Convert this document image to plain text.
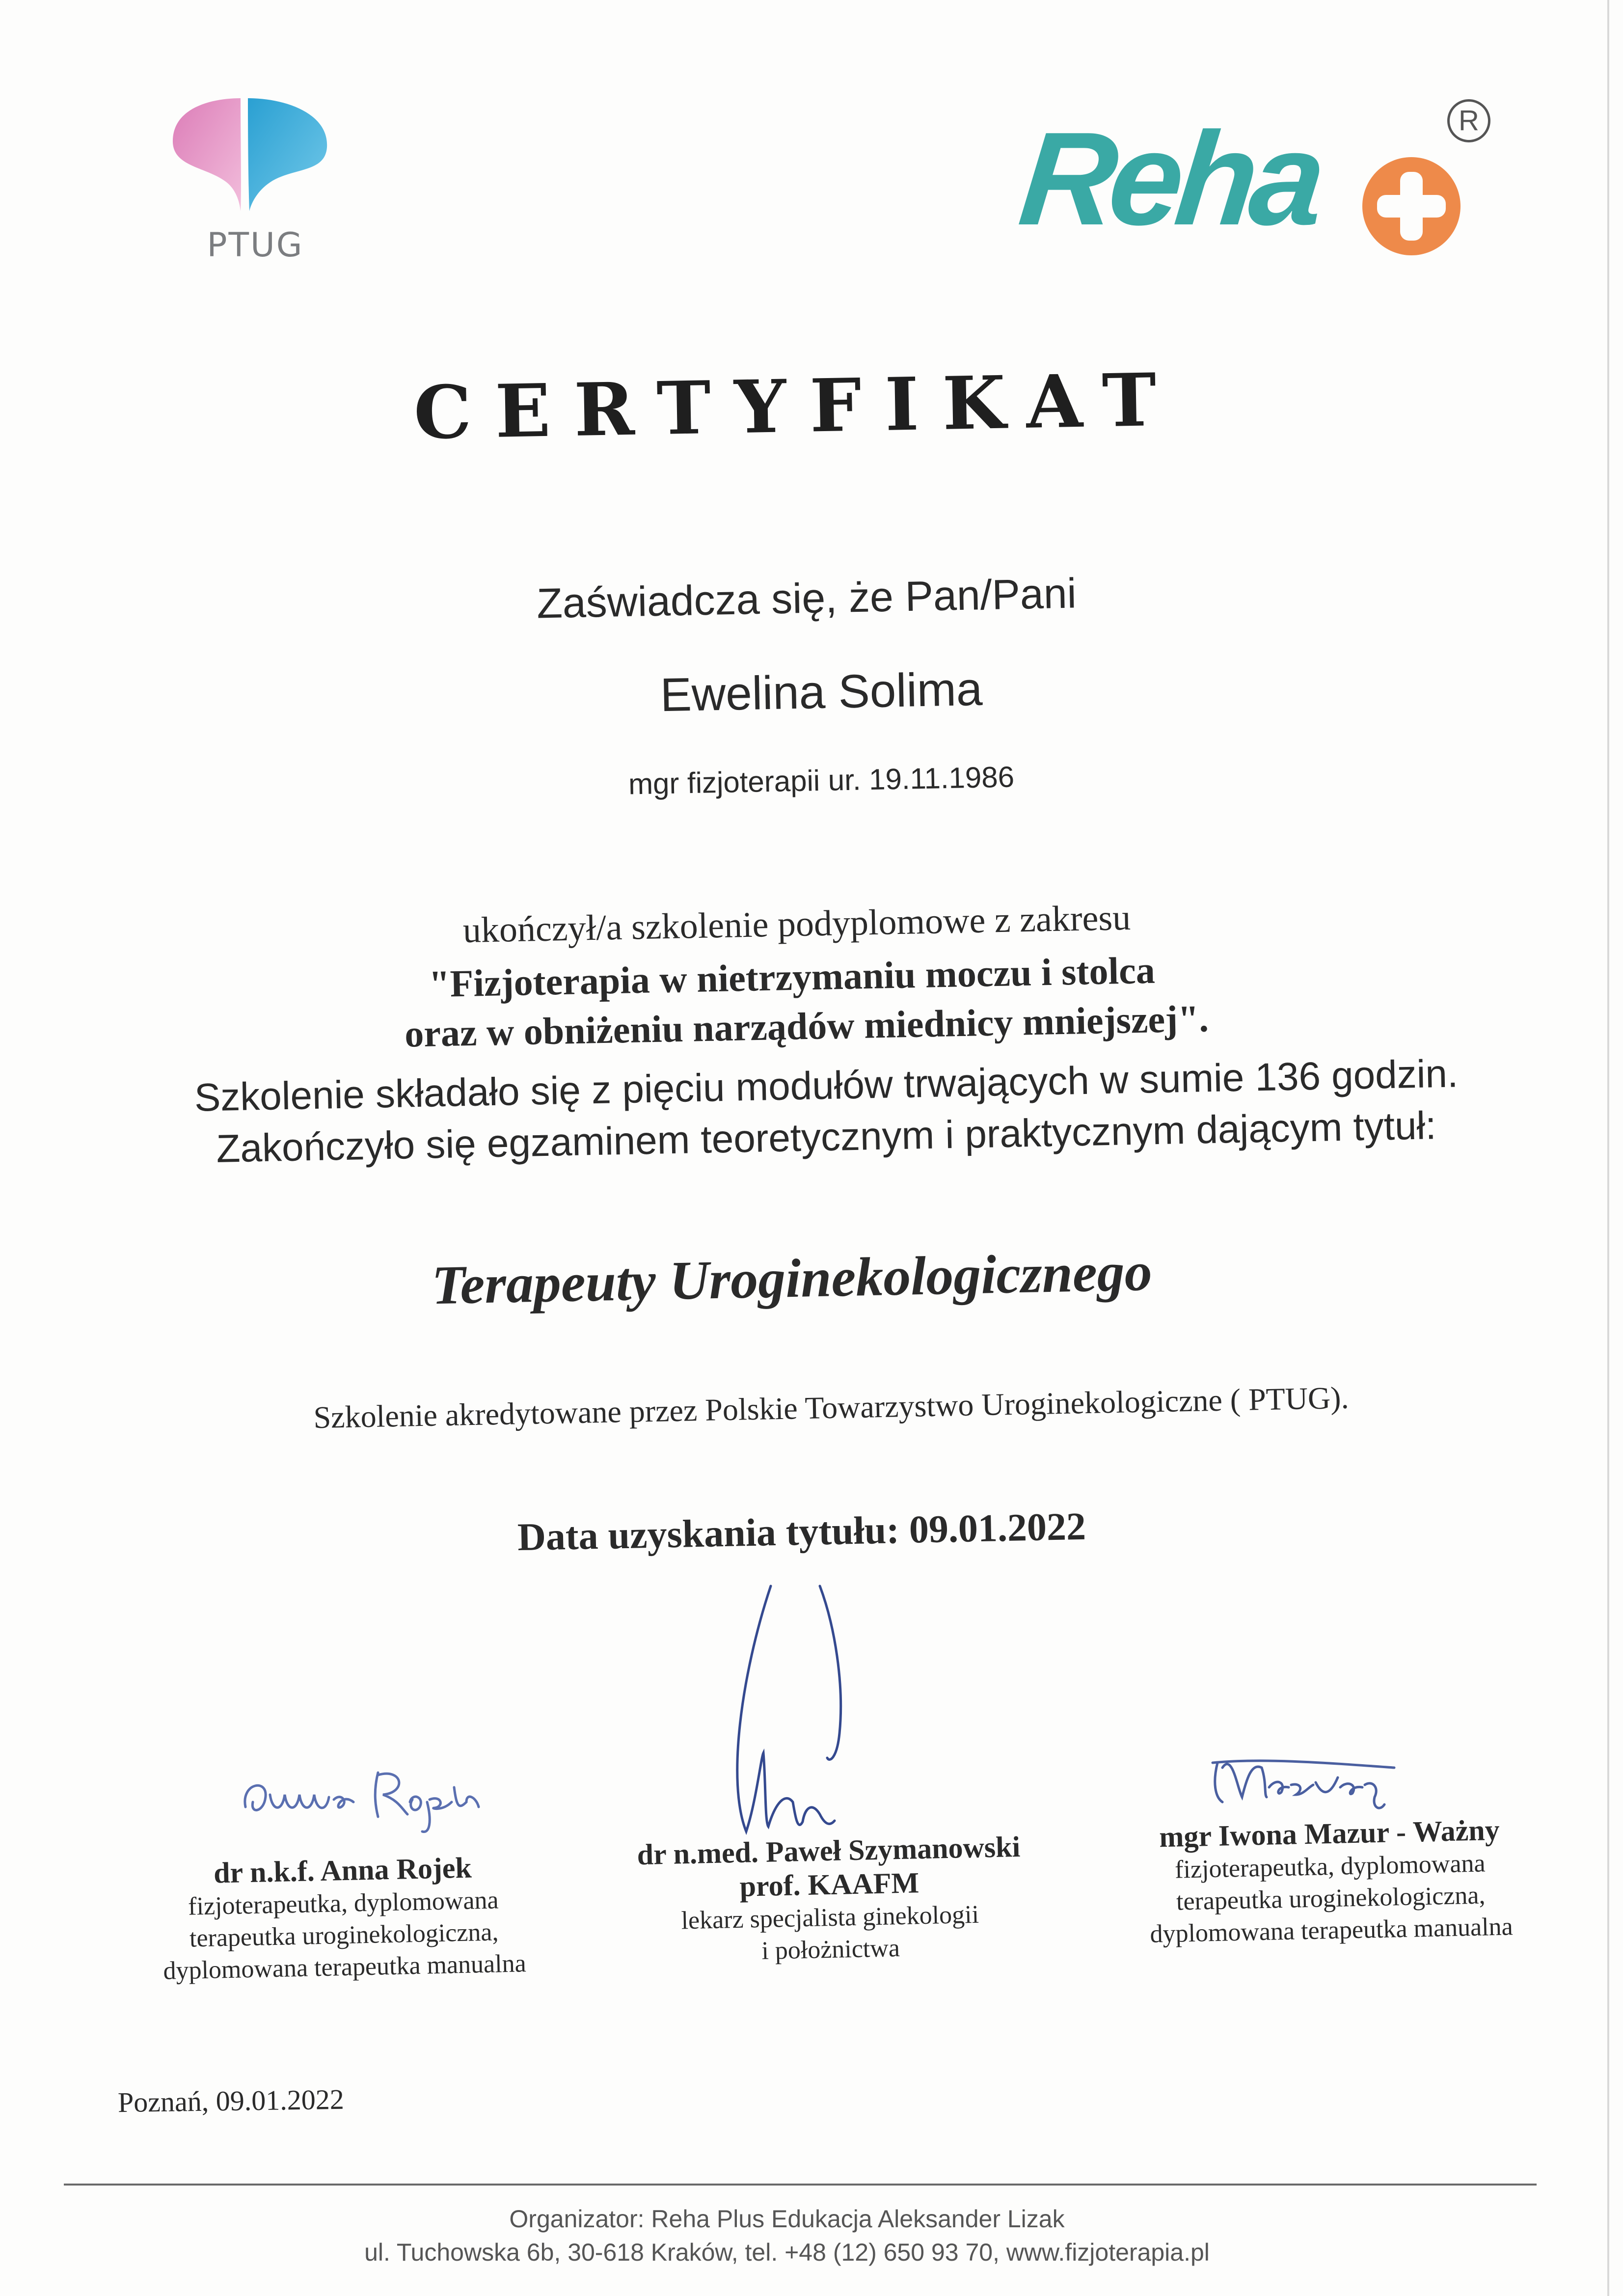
PTUG	Reha	R
CERTYFIKAT
Zaświadcza się, że Pan/Pani
Ewelina Solima
mgr fizjoterapii ur. 19.11.1986
ukończył/a szkolenie podyplomowe z zakresu
"Fizjoterapia w nietrzymaniu moczu i stolca
oraz w obniżeniu narządów miednicy mniejszej".
Szkolenie składało się z pięciu modułów trwających w sumie 136 godzin.
Zakończyło się egzaminem teoretycznym i praktycznym dającym tytuł:
Terapeuty Uroginekologicznego
Szkolenie akredytowane przez Polskie Towarzystwo Uroginekologiczne ( PTUG).
Data uzyskania tytułu: 09.01.2022
dr n.k.f. Anna Rojek
fizjoterapeutka, dyplomowana
terapeutka uroginekologiczna,
dyplomowana terapeutka manualna
dr n.med. Paweł Szymanowski
prof. KAAFM
lekarz specjalista ginekologii
i położnictwa
mgr Iwona Mazur - Ważny
fizjoterapeutka, dyplomowana
terapeutka uroginekologiczna,
dyplomowana terapeutka manualna
Poznań, 09.01.2022
Organizator: Reha Plus Edukacja Aleksander Lizak
ul. Tuchowska 6b, 30-618 Kraków, tel. +48 (12) 650 93 70, www.fizjoterapia.pl
